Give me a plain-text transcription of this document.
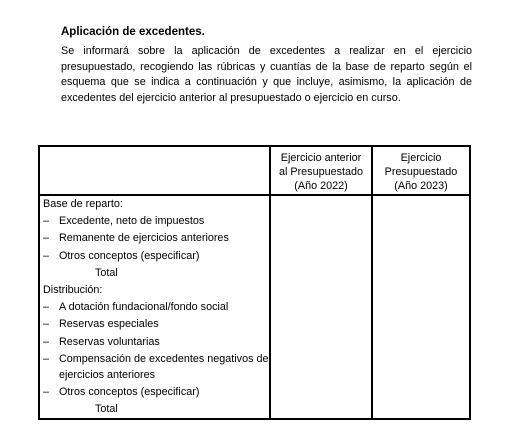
Aplicación de excedentes.

Se informará sobre la aplicación de excedentes a realizar en el ejercicio presupuestado, recogiendo las rúbricas y cuantías de la base de reparto según el esquema que se indica a continuación y que incluye, asimismo, la aplicación de excedentes del ejercicio anterior al presupuestado o ejercicio en curso.

Ejercicio anterior
al Presupuestado
(Año 2022)
Ejercicio
Presupuestado
(Año 2023)
Base de reparto:
– Excedente, neto de impuestos
– Remanente de ejercicios anteriores
– Otros conceptos (especificar)
Total
Distribución:
– A dotación fundacional/fondo social
– Reservas especiales
– Reservas voluntarias
– Compensación de excedentes negativos de ejercicios anteriores
– Otros conceptos (especificar)
Total
